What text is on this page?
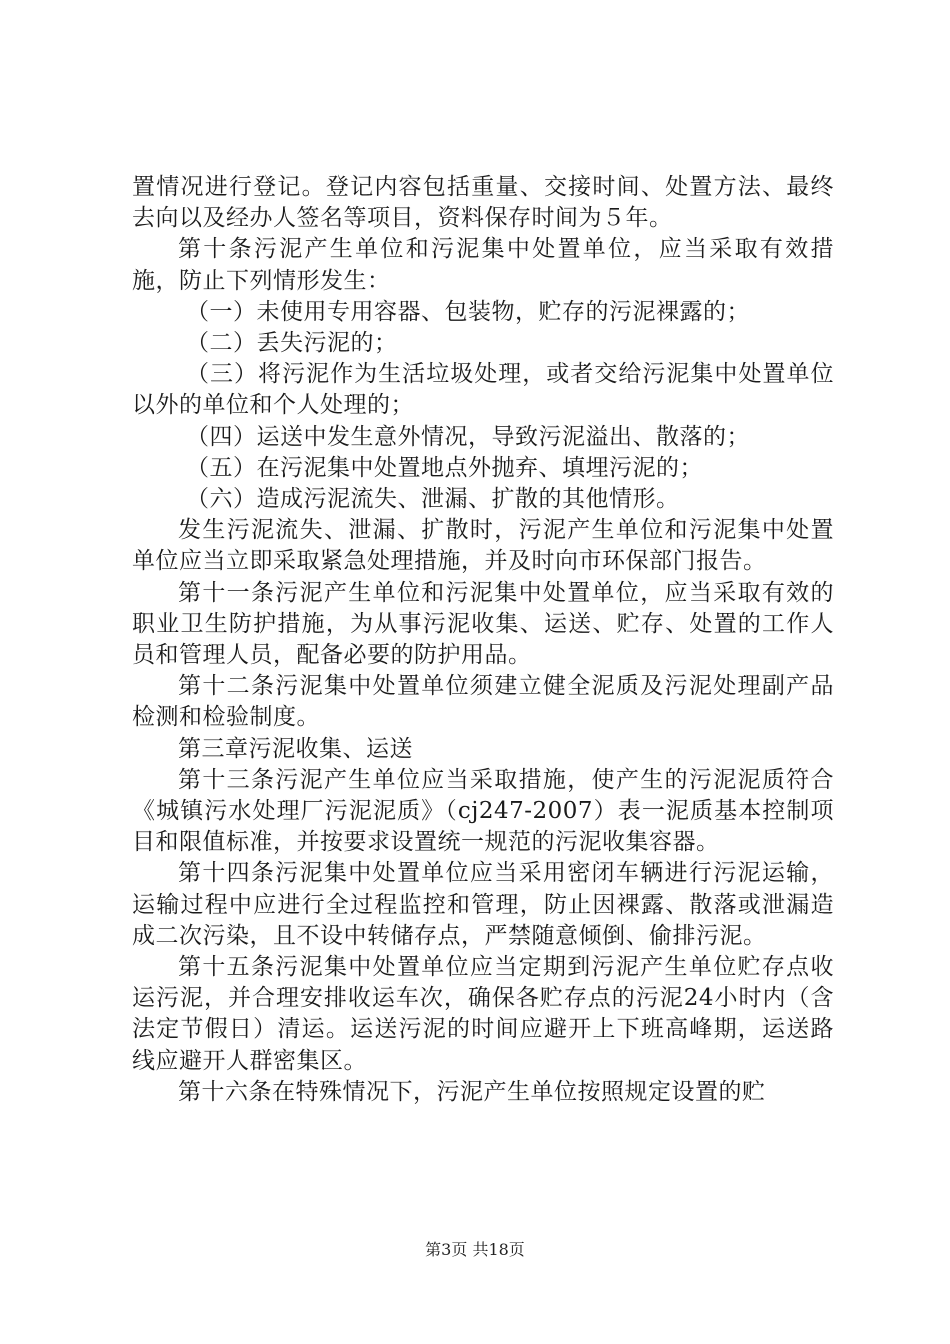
置情况进行登记。登记内容包括重量、交接时间、处置方法、最终去向以及经办人签名等项目，资料保存时间为５年。

第十条污泥产生单位和污泥集中处置单位，应当采取有效措施，防止下列情形发生：

（一）未使用专用容器、包装物，贮存的污泥裸露的；

（二）丢失污泥的；

（三）将污泥作为生活垃圾处理，或者交给污泥集中处置单位以外的单位和个人处理的；

（四）运送中发生意外情况，导致污泥溢出、散落的；

（五）在污泥集中处置地点外抛弃、填埋污泥的；

（六）造成污泥流失、泄漏、扩散的其他情形。

发生污泥流失、泄漏、扩散时，污泥产生单位和污泥集中处置单位应当立即采取紧急处理措施，并及时向市环保部门报告。

第十一条污泥产生单位和污泥集中处置单位，应当采取有效的职业卫生防护措施，为从事污泥收集、运送、贮存、处置的工作人员和管理人员，配备必要的防护用品。

第十二条污泥集中处置单位须建立健全泥质及污泥处理副产品检测和检验制度。

第三章污泥收集、运送

第十三条污泥产生单位应当采取措施，使产生的污泥泥质符合《城镇污水处理厂污泥泥质》（cj247-2007）表一泥质基本控制项目和限值标准，并按要求设置统一规范的污泥收集容器。

第十四条污泥集中处置单位应当采用密闭车辆进行污泥运输，运输过程中应进行全过程监控和管理，防止因裸露、散落或泄漏造成二次污染，且不设中转储存点，严禁随意倾倒、偷排污泥。

第十五条污泥集中处置单位应当定期到污泥产生单位贮存点收运污泥，并合理安排收运车次，确保各贮存点的污泥24小时内（含法定节假日）清运。运送污泥的时间应避开上下班高峰期，运送路线应避开人群密集区。

第十六条在特殊情况下，污泥产生单位按照规定设置的贮

第3页 共18页
